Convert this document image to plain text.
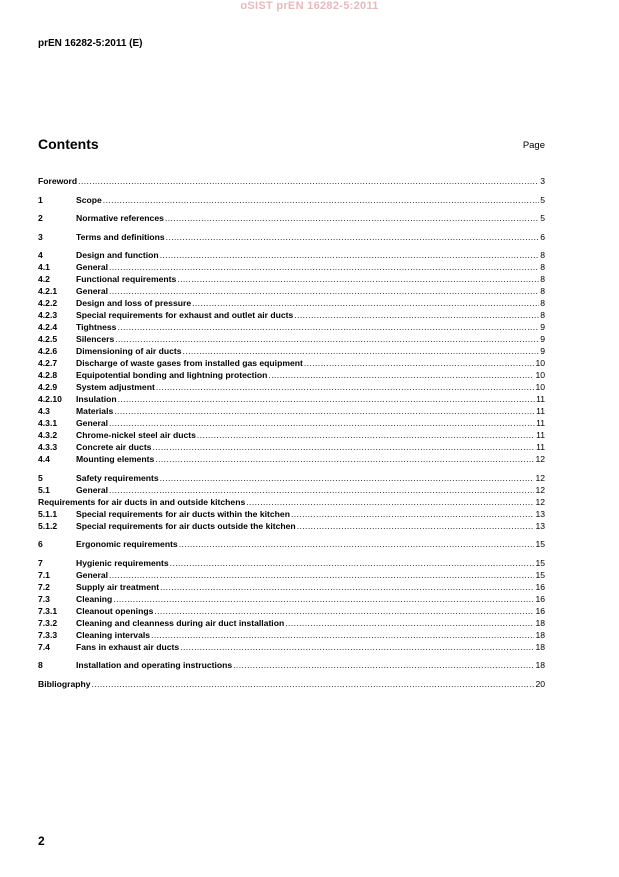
oSIST prEN 16282-5:2011
prEN 16282-5:2011 (E)
Contents	Page
Foreword .....	3
1	Scope .....	5
2	Normative references .....	5
3	Terms and definitions .....	6
4	Design and function .....	8
4.1	General .....	8
4.2	Functional requirements .....	8
4.2.1	General .....	8
4.2.2	Design and loss of pressure .....	8
4.2.3	Special requirements for exhaust and outlet air ducts .....	8
4.2.4	Tightness .....	9
4.2.5	Silencers .....	9
4.2.6	Dimensioning of air ducts .....	9
4.2.7	Discharge of waste gases from installed gas equipment .....	10
4.2.8	Equipotential bonding and lightning protection .....	10
4.2.9	System adjustment .....	10
4.2.10	Insulation .....	11
4.3	Materials .....	11
4.3.1	General .....	11
4.3.2	Chrome-nickel steel air ducts .....	11
4.3.3	Concrete air ducts .....	11
4.4	Mounting elements .....	12
5	Safety requirements .....	12
5.1	General .....	12
Requirements for air ducts in and outside kitchens .....	12
5.1.1	Special requirements for air ducts within the kitchen .....	13
5.1.2	Special requirements for air ducts outside the kitchen .....	13
6	Ergonomic requirements .....	15
7	Hygienic requirements .....	15
7.1	General .....	15
7.2	Supply air treatment .....	16
7.3	Cleaning .....	16
7.3.1	Cleanout openings .....	16
7.3.2	Cleaning and cleanness during air duct installation .....	18
7.3.3	Cleaning intervals .....	18
7.4	Fans in exhaust air ducts .....	18
8	Installation and operating instructions .....	18
Bibliography .....	20
2
